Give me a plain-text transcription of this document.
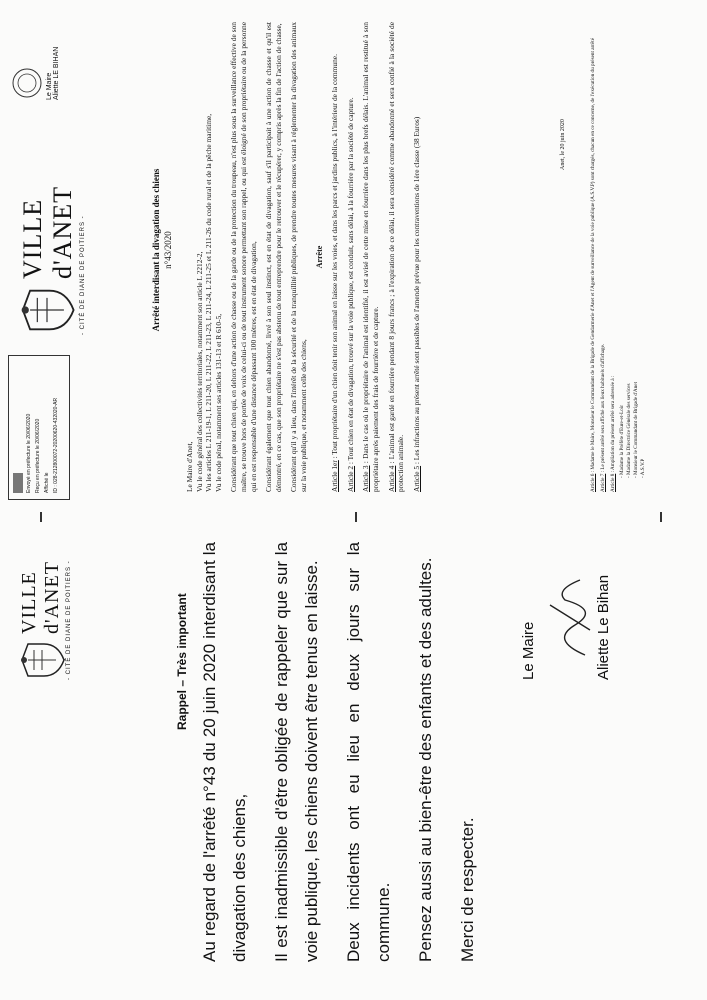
VILLE d'ANET - CITÉ DE DIANE DE POITIERS -	Rappel – Très important Au regard de l'arrêté n°43 du 20 juin 2020 interdisant la divagation des chiens,	Il est inadmissible d'être obligée de rappeler que sur la voie publique, les chiens doivent être tenus en laisse.	Deux incidents ont eu lieu en deux jours sur la commune.	Pensez aussi au bien-être des enfants et des adultes.	Merci de respecter.

Le Maire	Aliette Le Bihan
Envoyé en préfecture le 20/06/2020 Reçu en préfecture le 20/06/2020 Affiché le ID : 028-212800072-20200620-432020-AR
VILLE d'ANET - CITÉ DE DIANE DE POITIERS -
Le Maire Aliette LE BIHAN
Arrêté interdisant la divagation des chiens n°43/2020

Le Maire d'Anet,
Vu le code général des collectivités territoriales, notamment son article L 2212-2,
Vu les articles L 211-19-1, L 211-20, L 211-22, L 211-23, L 211-24, L 211-25 et L 211-26 du code rural et de la pêche maritime,
Vu le code pénal, notamment ses articles 131-13 et R 610-5, Considérant que tout chien qui, en dehors d'une action de chasse ou de la garde ou de la protection du troupeau, n'est plus sous la surveillance effective de son maître, se trouve hors de portée de voix de celui-ci ou de tout instrument sonore permettant son rappel, ou qui est éloigné de son propriétaire ou de la personne qui en est responsable d'une distance dépassant 100 mètres, est en état de divagation, Considérant également que tout chien abandonné, livré à son seul instinct, est en état de divagation, sauf s'il participait à une action de chasse et qu'il est démontré, en ce cas, que son propriétaire ne s'est pas abstenu de tout entreprendre pour le retrouver et le récupérer, y compris après la fin de l'action de chasse, Considérant qu'il y a lieu, dans l'intérêt de la sécurité et de la tranquillité publiques, de prendre toutes mesures visant à réglementer la divagation des animaux sur la voie publique, et notamment celle des chiens,

Arrête

Article 1er : Tout propriétaire d'un chien doit tenir son animal en laisse sur les voies, et dans les parcs et jardins publics, à l'intérieur de la commune.

Article 2 : Tout chien en état de divagation, trouvé sur la voie publique, est conduit, sans délai, à la fourrière par la société de capture.

Article 3 : Dans le cas où le propriétaire de l'animal est identifié, il est avisé de cette mise en fourrière dans les plus brefs délais. L'animal est restitué à son propriétaire après paiement des frais de fourrière et de capture. Article 4 : L'animal est gardé en fourrière pendant 8 jours francs ; à l'expiration de ce délai, il sera considéré comme abandonné et sera confié à la société de protection animale. Article 5 : Les infractions au présent arrêté sont passibles de l'amende prévue pour les contraventions de 1ère classe (38 Euros)	Anet, le 20 juin 2020

Article 6 : Madame le Maire, Monsieur le Commandant de la Brigade de Gendarmerie d'Anet et l'Agent de surveillance de la voie publique (A.S.V.P) sont chargés, chacun en ce concerne, de l'exécution du présent arrêté

Article 7 : Le présent arrêté sera affiché aux lieux habituels d'affichage.

Article 8 : Ampliation du présent arrêté sera adressée à : - Madame la Préfète d'Eure-et-Loir - Madame la Directrice Générale des services - Monsieur le Commandant de Brigade d'Anet - A.S.V.P
